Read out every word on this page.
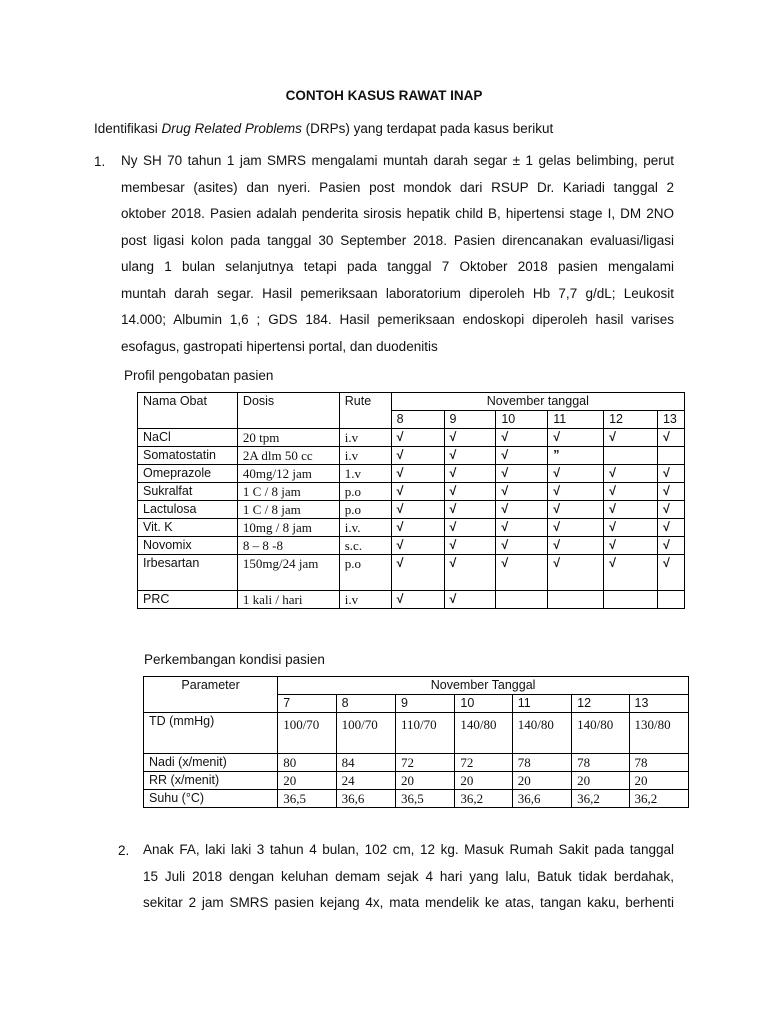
CONTOH KASUS RAWAT INAP
Identifikasi Drug Related Problems (DRPs) yang terdapat pada kasus berikut
1. Ny SH 70 tahun 1 jam SMRS mengalami muntah darah segar ± 1 gelas belimbing, perut
membesar (asites) dan nyeri. Pasien post mondok dari RSUP Dr. Kariadi tanggal 2
oktober 2018. Pasien adalah penderita sirosis hepatik child B, hipertensi stage I, DM 2NO
post ligasi kolon pada tanggal 30 September 2018. Pasien direncanakan evaluasi/ligasi
ulang 1 bulan selanjutnya tetapi pada tanggal 7 Oktober 2018 pasien mengalami
muntah darah segar. Hasil pemeriksaan laboratorium diperoleh Hb 7,7 g/dL; Leukosit
14.000; Albumin 1,6 ; GDS 184. Hasil pemeriksaan endoskopi diperoleh hasil varises
esofagus, gastropati hipertensi portal, dan duodenitis
Profil pengobatan pasien
Nama Obat	Dosis	Rute	November tanggal					
			8	9	10	11	12	13
NaCl	20 tpm	i.v	√	√	√	√	√	√
Somatostatin	2A dlm 50 cc	i.v	√	√	√	”		
Omeprazole	40mg/12 jam	1.v	√	√	√	√	√	√
Sukralfat	1 C / 8 jam	p.o	√	√	√	√	√	√
Lactulosa	1 C / 8 jam	p.o	√	√	√	√	√	√
Vit. K	10mg / 8 jam	i.v.	√	√	√	√	√	√
Novomix	8 – 8 -8	s.c.	√	√	√	√	√	√
Irbesartan	150mg/24 jam	p.o	√	√	√	√	√	√
PRC	1 kali / hari	i.v	√	√				
Perkembangan kondisi pasien
Parameter	November Tanggal						
	7	8	9	10	11	12	13
TD (mmHg)	100/70	100/70	110/70	140/80	140/80	140/80	130/80
Nadi (x/menit)	80	84	72	72	78	78	78
RR (x/menit)	20	24	20	20	20	20	20
Suhu (°C)	36,5	36,6	36,5	36,2	36,6	36,2	36,2
2. Anak FA, laki laki 3 tahun 4 bulan, 102 cm, 12 kg. Masuk Rumah Sakit pada tanggal
15 Juli 2018 dengan keluhan demam sejak 4 hari yang lalu, Batuk tidak berdahak,
sekitar 2 jam SMRS pasien kejang 4x, mata mendelik ke atas, tangan kaku, berhenti
